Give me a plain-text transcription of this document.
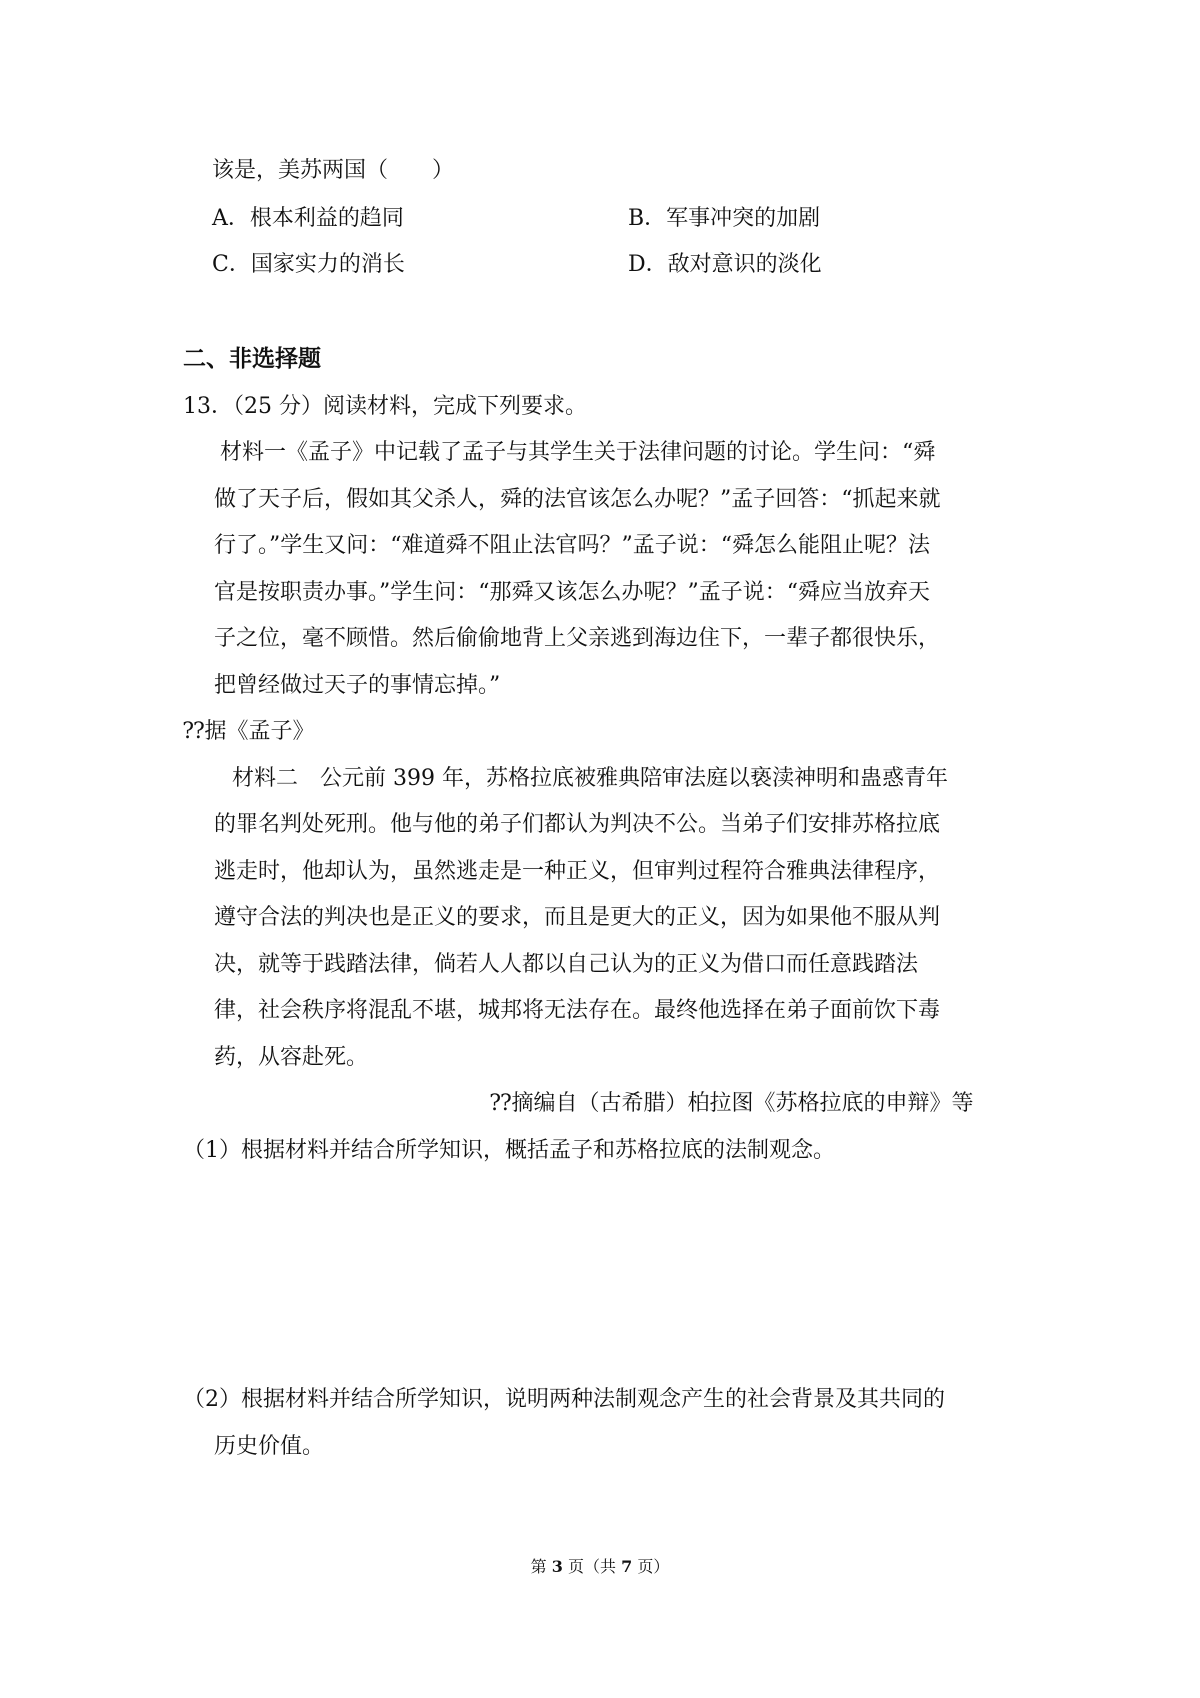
该是，美苏两国（　　）
A．根本利益的趋同	B．军事冲突的加剧
C．国家实力的消长	D．敌对意识的淡化
二、非选择题
13．（25 分）阅读材料，完成下列要求。
材料一《孟子》中记载了孟子与其学生关于法律问题的讨论。学生问：“舜
做了天子后，假如其父杀人，舜的法官该怎么办呢？”孟子回答：“抓起来就
行了。”学生又问：“难道舜不阻止法官吗？”孟子说：“舜怎么能阻止呢？法
官是按职责办事。”学生问：“那舜又该怎么办呢？”孟子说：“舜应当放弃天
子之位，毫不顾惜。然后偷偷地背上父亲逃到海边住下，一辈子都很快乐，
把曾经做过天子的事情忘掉。”
⁇据《孟子》
材料二　公元前 399 年，苏格拉底被雅典陪审法庭以亵渎神明和蛊惑青年
的罪名判处死刑。他与他的弟子们都认为判决不公。当弟子们安排苏格拉底
逃走时，他却认为，虽然逃走是一种正义，但审判过程符合雅典法律程序，
遵守合法的判决也是正义的要求，而且是更大的正义，因为如果他不服从判
决，就等于践踏法律，倘若人人都以自己认为的正义为借口而任意践踏法
律，社会秩序将混乱不堪，城邦将无法存在。最终他选择在弟子面前饮下毒
药，从容赴死。
⁇摘编自（古希腊）柏拉图《苏格拉底的申辩》等
（1）根据材料并结合所学知识，概括孟子和苏格拉底的法制观念。
（2）根据材料并结合所学知识，说明两种法制观念产生的社会背景及其共同的
历史价值。
第 3 页（共 7 页）
